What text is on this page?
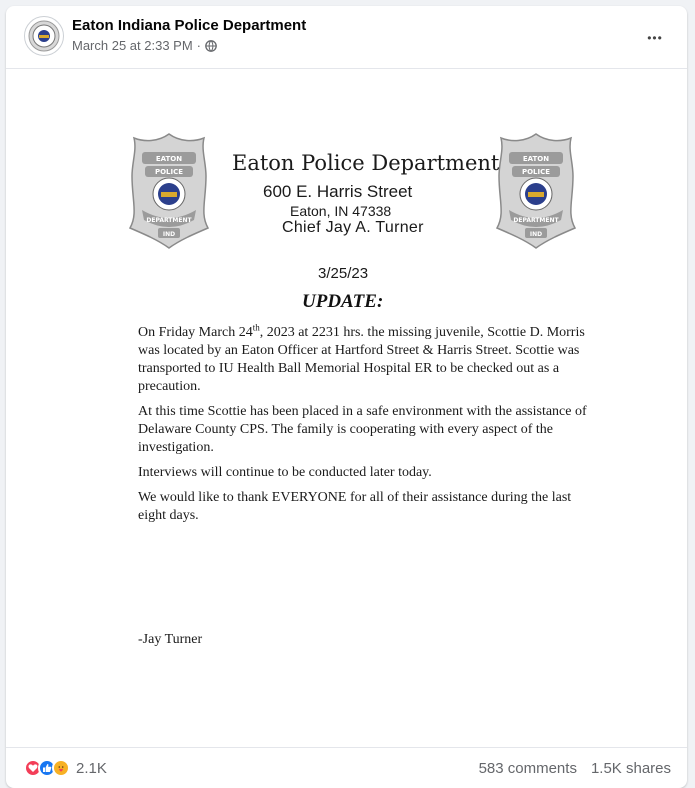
Eaton Indiana Police Department
March 25 at 2:33 PM ·	•••
EATON
POLICE
DEPARTMENT
IND
EATON
POLICE
DEPARTMENT
IND
Eaton Police Department
600 E. Harris Street
Eaton, IN 47338
Chief Jay A. Turner
3/25/23
UPDATE:

On Friday March 24th, 2023 at 2231 hrs. the missing juvenile, Scottie D. Morris was located by an Eaton Officer at Hartford Street & Harris Street. Scottie was transported to IU Health Ball Memorial Hospital ER to be checked out as a precaution.

At this time Scottie has been placed in a safe environment with the assistance of Delaware County CPS. The family is cooperating with every aspect of the investigation.

Interviews will continue to be conducted later today.

We would like to thank EVERYONE for all of their assistance during the last eight days.

-Jay Turner
2.1K	583 comments 1.5K shares
